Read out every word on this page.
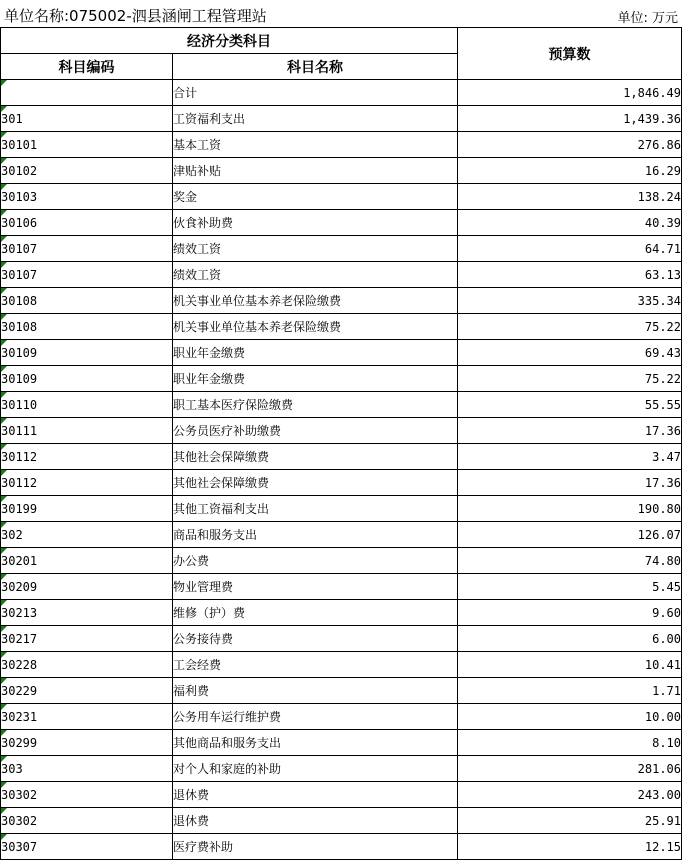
单位名称:075002-泗县涵闸工程管理站	单位: 万元
经济分类科目		预算数
科目编码	科目名称	
	合计	1,846.49
301	工资福利支出	1,439.36
30101	基本工资	276.86
30102	津贴补贴	16.29
30103	奖金	138.24
30106	伙食补助费	40.39
30107	绩效工资	64.71
30107	绩效工资	63.13
30108	机关事业单位基本养老保险缴费	335.34
30108	机关事业单位基本养老保险缴费	75.22
30109	职业年金缴费	69.43
30109	职业年金缴费	75.22
30110	职工基本医疗保险缴费	55.55
30111	公务员医疗补助缴费	17.36
30112	其他社会保障缴费	3.47
30112	其他社会保障缴费	17.36
30199	其他工资福利支出	190.80
302	商品和服务支出	126.07
30201	办公费	74.80
30209	物业管理费	5.45
30213	维修（护）费	9.60
30217	公务接待费	6.00
30228	工会经费	10.41
30229	福利费	1.71
30231	公务用车运行维护费	10.00
30299	其他商品和服务支出	8.10
303	对个人和家庭的补助	281.06
30302	退休费	243.00
30302	退休费	25.91
30307	医疗费补助	12.15
